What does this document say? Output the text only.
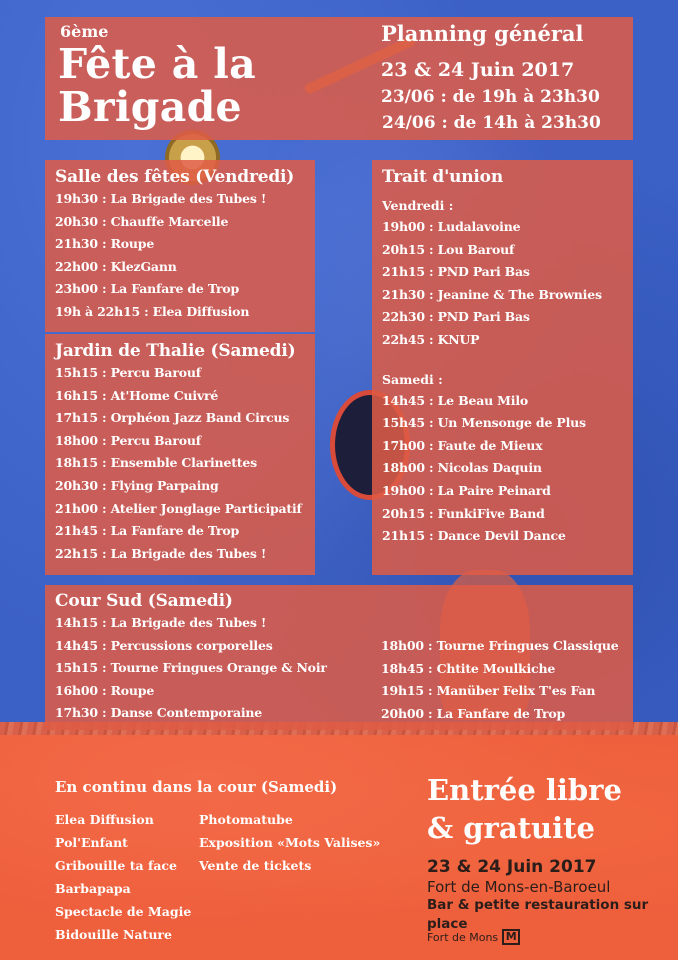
6ème
Fête à la
Brigade
Planning général
23 & 24 Juin 2017
23/06 : de 19h à 23h30
24/06 : de 14h à 23h30
Salle des fêtes (Vendredi)
19h30 : La Brigade des Tubes !
20h30 : Chauffe Marcelle
21h30 : Roupe
22h00 : KlezGann
23h00 : La Fanfare de Trop
19h à 22h15 : Elea Diffusion
Jardin de Thalie (Samedi)
15h15 : Percu Barouf
16h15 : At'Home Cuivré
17h15 : Orphéon Jazz Band Circus
18h00 : Percu Barouf
18h15 : Ensemble Clarinettes
20h30 : Flying Parpaing
21h00 : Atelier Jonglage Participatif
21h45 : La Fanfare de Trop
22h15 : La Brigade des Tubes !
Trait d'union
Vendredi :
19h00 : Ludalavoine
20h15 : Lou Barouf
21h15 : PND Pari Bas
21h30 : Jeanine & The Brownies
22h30 : PND Pari Bas
22h45 : KNUP
Samedi :
14h45 : Le Beau Milo
15h45 : Un Mensonge de Plus
17h00 : Faute de Mieux
18h00 : Nicolas Daquin
19h00 : La Paire Peinard
20h15 : FunkiFive Band
21h15 : Dance Devil Dance
Cour Sud (Samedi)
14h15 : La Brigade des Tubes !
14h45 : Percussions corporelles
15h15 : Tourne Fringues Orange & Noir
16h00 : Roupe
17h30 : Danse Contemporaine
18h00 : Tourne Fringues Classique
18h45 : Chtite Moulkiche
19h15 : Manüber Felix T'es Fan
20h00 : La Fanfare de Trop
En continu dans la cour (Samedi)
Elea Diffusion
Pol'Enfant
Gribouille ta face
Barbapapa
Spectacle de Magie
Bidouille Nature
Photomatube
Exposition «Mots Valises»
Vente de tickets
Entrée libre
& gratuite
23 & 24 Juin 2017
Fort de Mons-en-Baroeul
Bar & petite restauration sur place
Fort de Mons M
